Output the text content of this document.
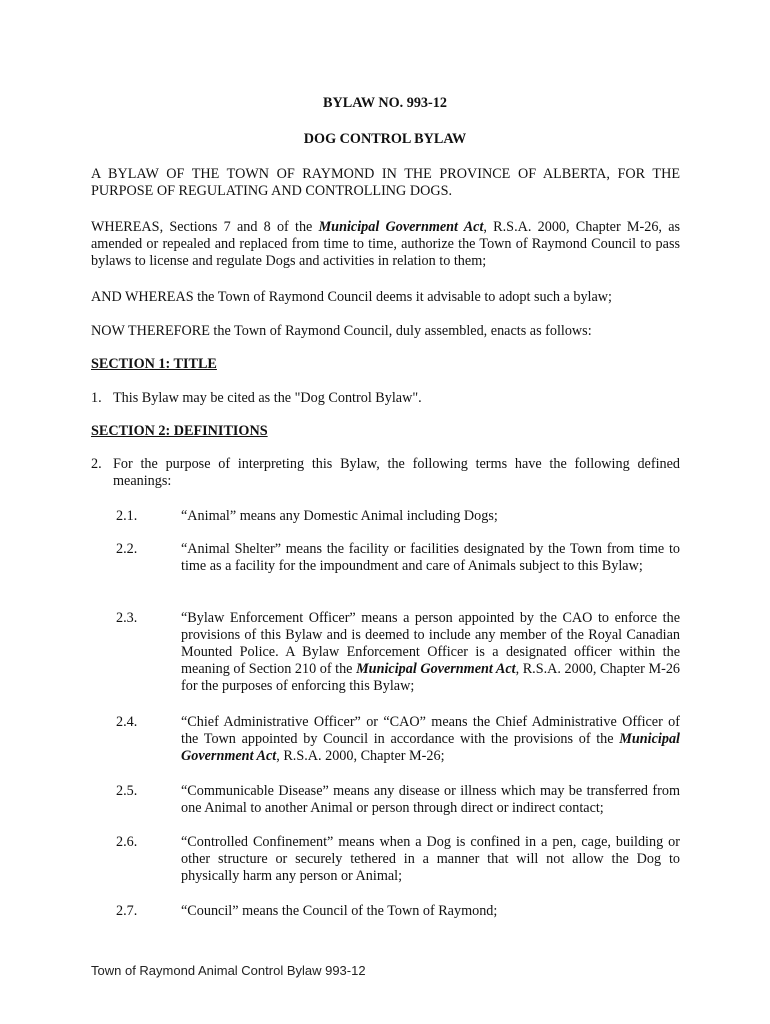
BYLAW NO. 993-12
DOG CONTROL BYLAW
A BYLAW OF THE TOWN OF RAYMOND IN THE PROVINCE OF ALBERTA, FOR THE PURPOSE OF REGULATING AND CONTROLLING DOGS.
WHEREAS, Sections 7 and 8 of the Municipal Government Act, R.S.A. 2000, Chapter M-26, as amended or repealed and replaced from time to time, authorize the Town of Raymond Council to pass bylaws to license and regulate Dogs and activities in relation to them;
AND WHEREAS the Town of Raymond Council deems it advisable to adopt such a bylaw;
NOW THEREFORE the Town of Raymond Council, duly assembled, enacts as follows:
SECTION 1: TITLE
1. This Bylaw may be cited as the "Dog Control Bylaw".
SECTION 2: DEFINITIONS
2. For the purpose of interpreting this Bylaw, the following terms have the following defined meanings:
2.1.	“Animal” means any Domestic Animal including Dogs;
2.2.	“Animal Shelter” means the facility or facilities designated by the Town from time to time as a facility for the impoundment and care of Animals subject to this Bylaw;
2.3.	“Bylaw Enforcement Officer” means a person appointed by the CAO to enforce the provisions of this Bylaw and is deemed to include any member of the Royal Canadian Mounted Police. A Bylaw Enforcement Officer is a designated officer within the meaning of Section 210 of the Municipal Government Act, R.S.A. 2000, Chapter M-26 for the purposes of enforcing this Bylaw;
2.4.	“Chief Administrative Officer” or “CAO” means the Chief Administrative Officer of the Town appointed by Council in accordance with the provisions of the Municipal Government Act, R.S.A. 2000, Chapter M-26;
2.5.	“Communicable Disease” means any disease or illness which may be transferred from one Animal to another Animal or person through direct or indirect contact;
2.6.	“Controlled Confinement” means when a Dog is confined in a pen, cage, building or other structure or securely tethered in a manner that will not allow the Dog to physically harm any person or Animal;
2.7.	“Council” means the Council of the Town of Raymond;
Town of Raymond Animal Control Bylaw 993-12
